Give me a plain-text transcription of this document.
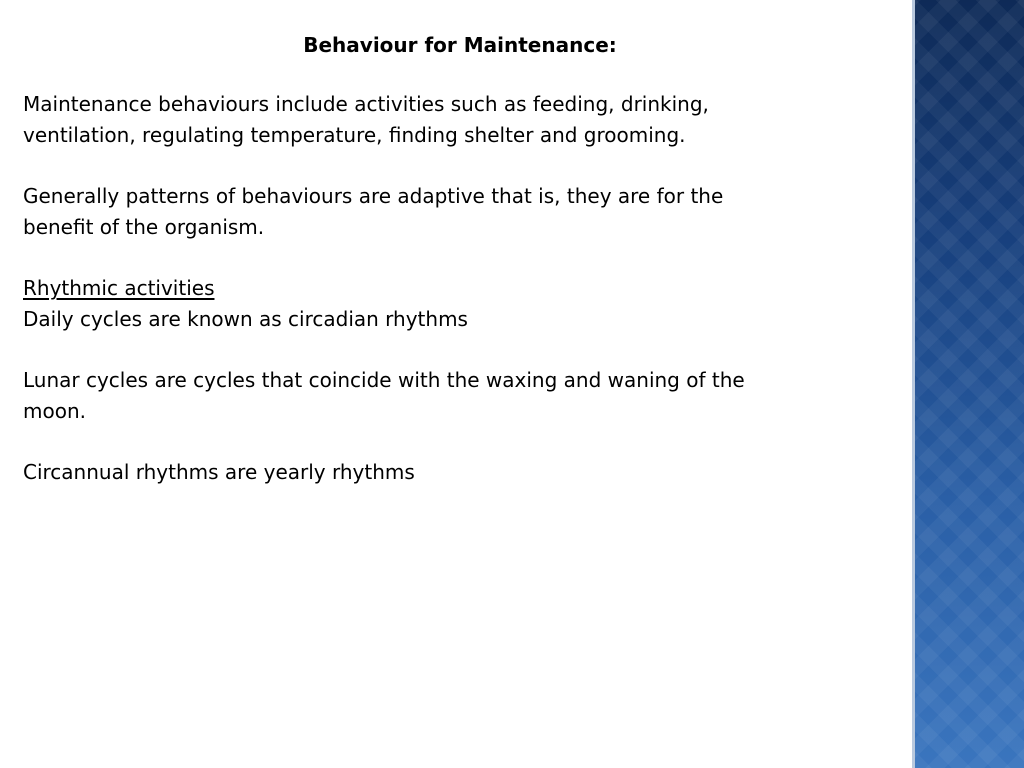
Behaviour for Maintenance:

Maintenance behaviours include activities such as feeding, drinking,

ventilation, regulating temperature, finding shelter and grooming.

Generally patterns of behaviours are adaptive that is, they are for the

benefit of the organism.

Rhythmic activities

Daily cycles are known as circadian rhythms

Lunar cycles are cycles that coincide with the waxing and waning of the

moon.

Circannual rhythms are yearly rhythms
